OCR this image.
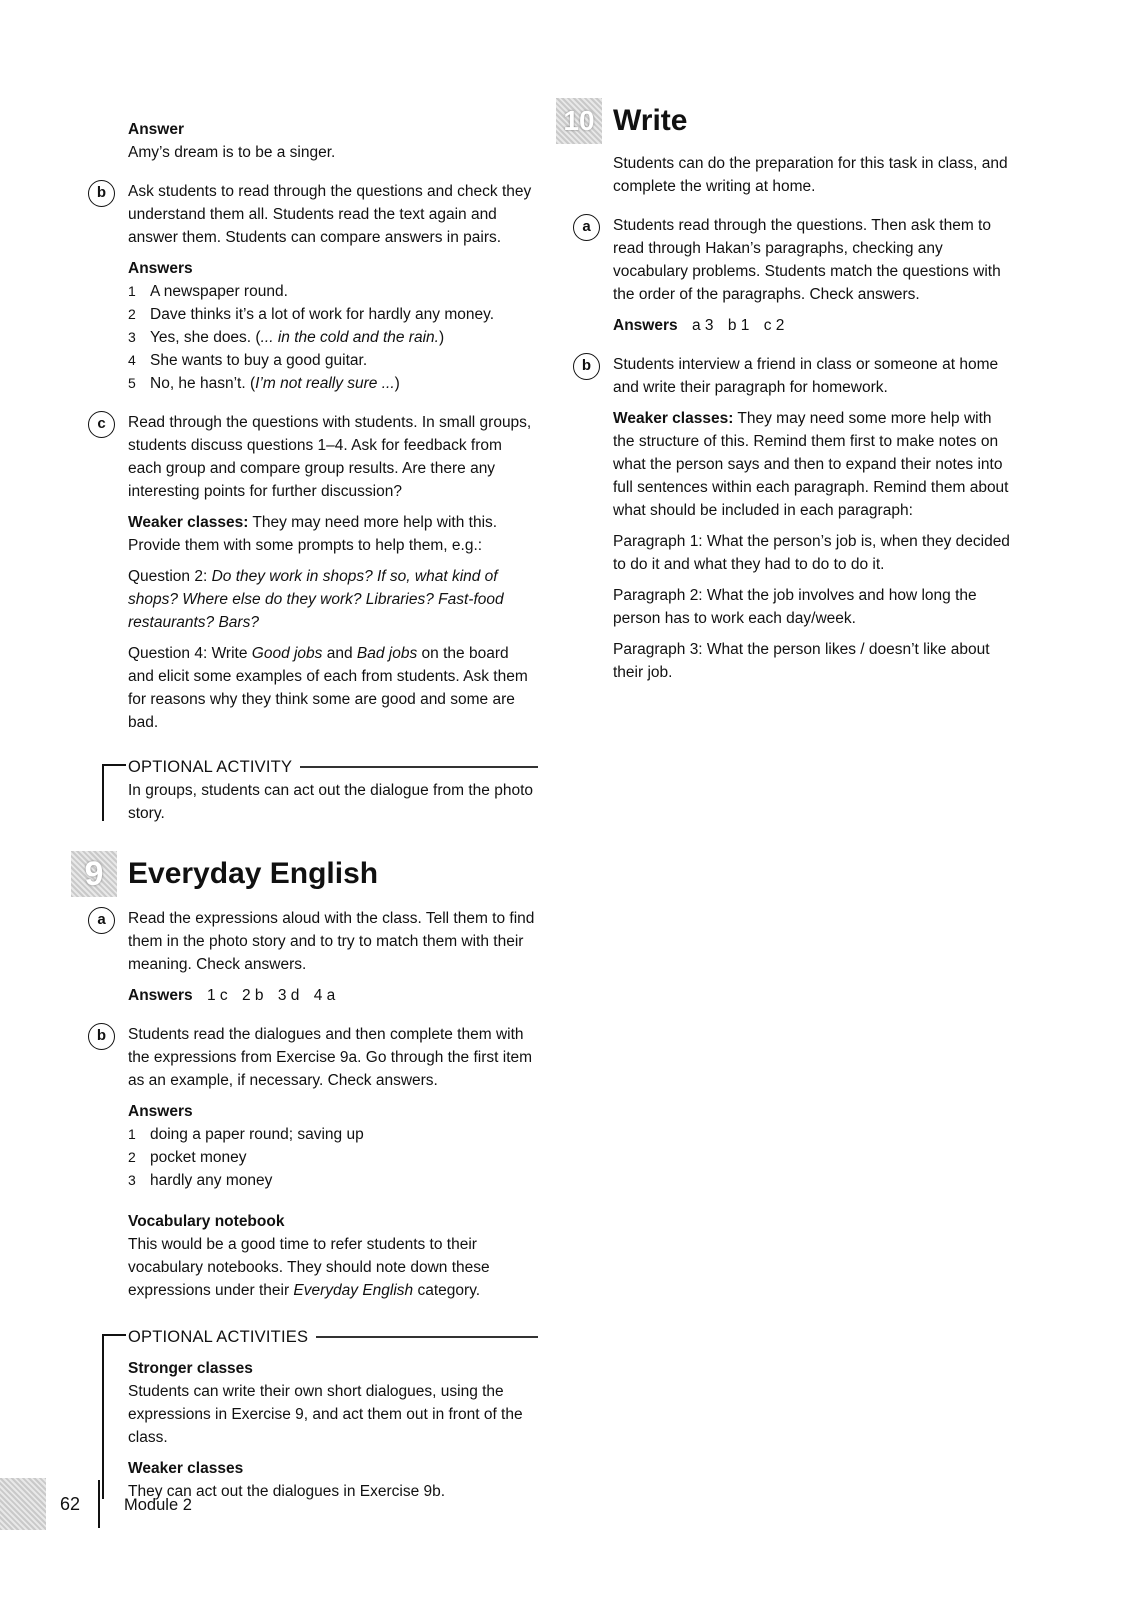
Answer

Amy’s dream is to be a singer.

b	Ask students to read through the questions and check they understand them all. Students read the text again and answer them. Students can compare answers in pairs.

Answers

1 A newspaper round.
2 Dave thinks it’s a lot of work for hardly any money.
3 Yes, she does. (... in the cold and the rain.)
4 She wants to buy a good guitar.
5 No, he hasn’t. (I’m not really sure ...)
c	Read through the questions with students. In small groups, students discuss questions 1–4. Ask for feedback from each group and compare group results. Are there any interesting points for further discussion?

Weaker classes: They may need more help with this. Provide them with some prompts to help them, e.g.:

Question 2: Do they work in shops? If so, what kind of shops? Where else do they work? Libraries? Fast-food restaurants? Bars?

Question 4: Write Good jobs and Bad jobs on the board and elicit some examples of each from students. Ask them for reasons why they think some are good and some are bad.

OPTIONAL ACTIVITY

In groups, students can act out the dialogue from the photo story.

9 Everyday English
a	Read the expressions aloud with the class. Tell them to find them in the photo story and to try to match them with their meaning. Check answers.

Answers 1 c 2 b 3 d 4 a

b	Students read the dialogues and then complete them with the expressions from Exercise 9a. Go through the first item as an example, if necessary. Check answers.

Answers

1 doing a paper round; saving up
2 pocket money
3 hardly any money

Vocabulary notebook

This would be a good time to refer students to their vocabulary notebooks. They should note down these expressions under their Everyday English category.

OPTIONAL ACTIVITIES

Stronger classes

Students can write their own short dialogues, using the expressions in Exercise 9, and act them out in front of the class.

Weaker classes

They can act out the dialogues in Exercise 9b.

10 Write

Students can do the preparation for this task in class, and complete the writing at home.

a	Students read through the questions. Then ask them to read through Hakan’s paragraphs, checking any vocabulary problems. Students match the questions with the order of the paragraphs. Check answers.

Answers a 3 b 1 c 2

b	Students interview a friend in class or someone at home and write their paragraph for homework.

Weaker classes: They may need some more help with the structure of this. Remind them first to make notes on what the person says and then to expand their notes into full sentences within each paragraph. Remind them about what should be included in each paragraph:

Paragraph 1: What the person’s job is, when they decided to do it and what they had to do to do it.

Paragraph 2: What the job involves and how long the person has to work each day/week.

Paragraph 3: What the person likes / doesn’t like about their job.

62	Module 2
